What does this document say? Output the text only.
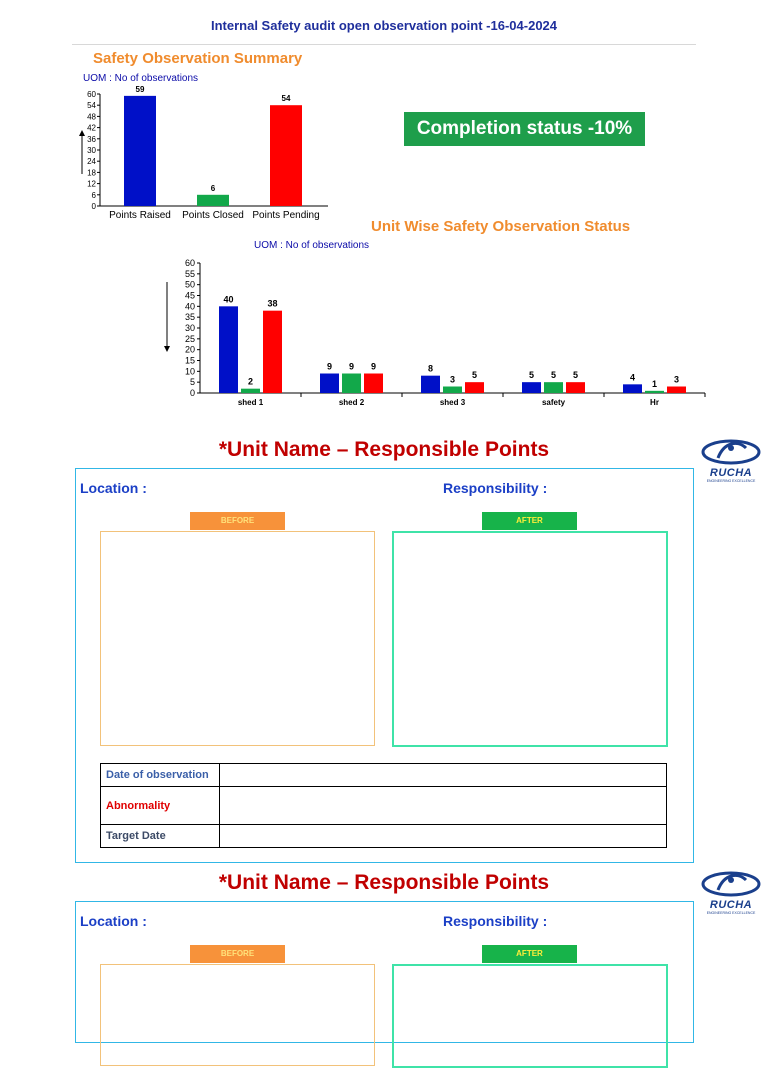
Internal Safety audit open observation point -16-04-2024
Safety Observation Summary
UOM : No of observations
0
6
12
18
24
30
36
42
48
54
60
59
Points Raised
6
Points Closed
54
Points Pending
Completion status -10%
Unit Wise Safety Observation Status
UOM : No of observations
0
5
10
15
20
25
30
35
40
45
50
55
60
40
2
38
shed 1
9 9 9
shed 2
8
3 5
shed 3
5 5 5
safety
4
1 3
Hr
*Unit Name – Responsible Points
RUCHA
ENGINEERING EXCELLENCE
Location :	Responsibility :
BEFORE	AFTER
Date of observation	
Abnormality	
Target Date	
*Unit Name – Responsible Points
RUCHA
ENGINEERING EXCELLENCE
Location :	Responsibility :
BEFORE	AFTER
